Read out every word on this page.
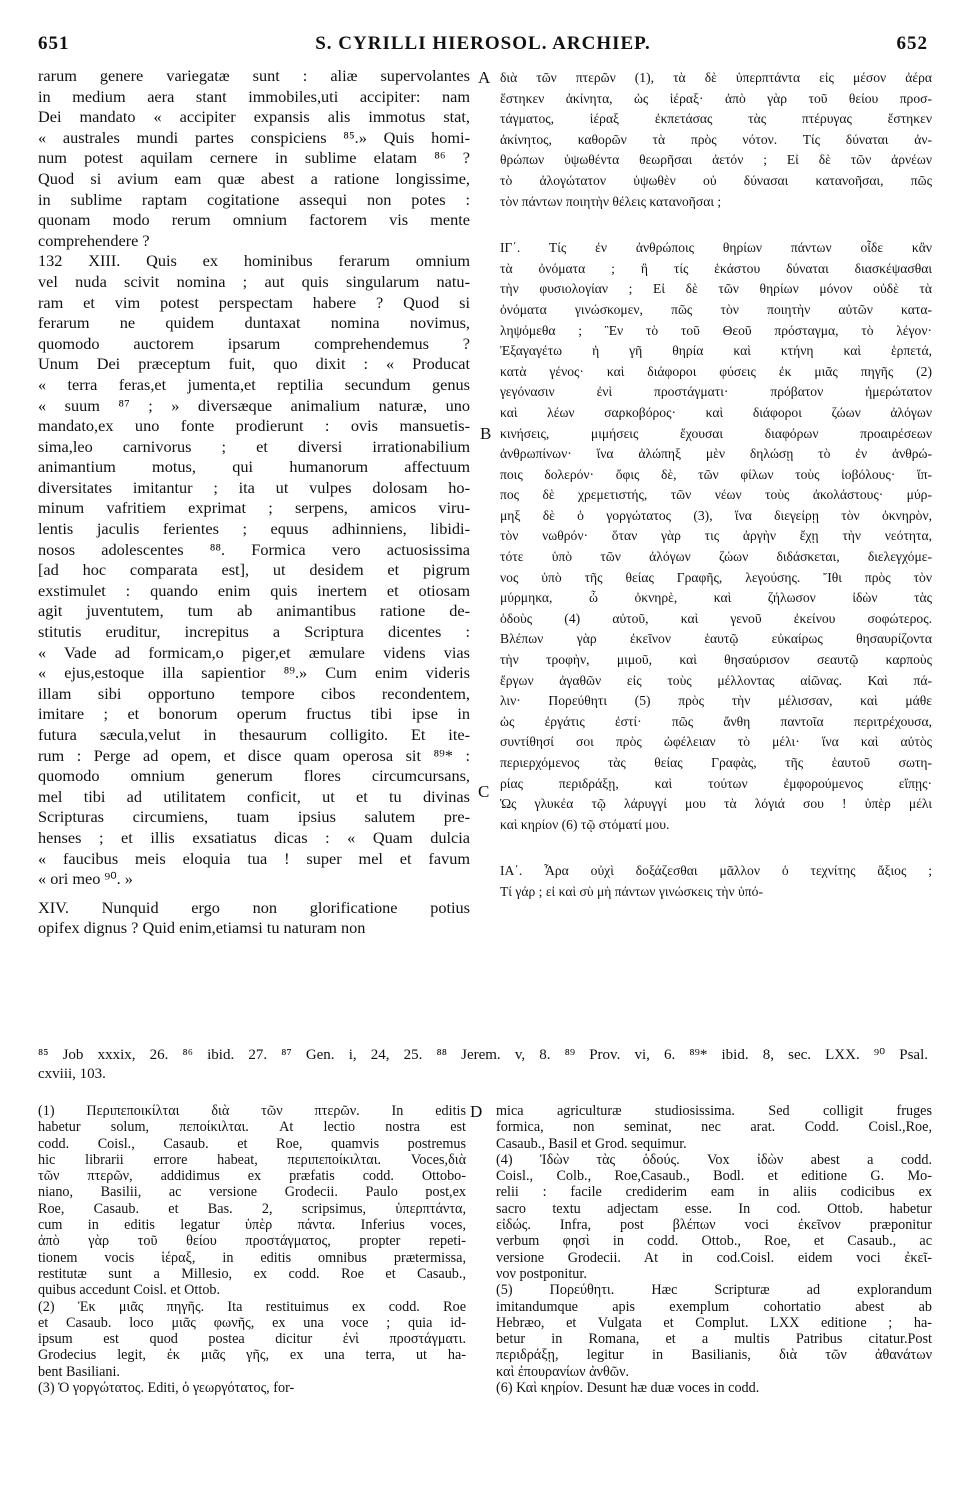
651	S. CYRILLI HIEROSOL. ARCHIEP.	652
A
B
C
D
rarum genere variegatæ sunt : aliæ supervolantes
in medium aera stant immobiles,uti accipiter: nam
Dei mandato « accipiter expansis alis immotus stat,
« australes mundi partes conspiciens ⁸⁵.» Quis homi-
num potest aquilam cernere in sublime elatam ⁸⁶ ?
Quod si avium eam quæ abest a ratione longissime,
in sublime raptam cogitatione assequi non potes :
quonam modo rerum omnium factorem vis mente
comprehendere ?
132 XIII. Quis ex hominibus ferarum omnium
vel nuda scivit nomina ; aut quis singularum natu-
ram et vim potest perspectam habere ? Quod si
ferarum ne quidem duntaxat nomina novimus,
quomodo auctorem ipsarum comprehendemus ?
Unum Dei præceptum fuit, quo dixit : « Producat
« terra feras,et jumenta,et reptilia secundum genus
« suum ⁸⁷ ; » diversæque animalium naturæ, uno
mandato,ex uno fonte prodierunt : ovis mansuetis-
sima,leo carnivorus ; et diversi irrationabilium
animantium motus, qui humanorum affectuum
diversitates imitantur ; ita ut vulpes dolosam ho-
minum vafritiem exprimat ; serpens, amicos viru-
lentis jaculis ferientes ; equus adhinniens, libidi-
nosos adolescentes ⁸⁸. Formica vero actuosissima
[ad hoc comparata est], ut desidem et pigrum
exstimulet : quando enim quis inertem et otiosam
agit juventutem, tum ab animantibus ratione de-
stitutis eruditur, increpitus a Scriptura dicentes :
« Vade ad formicam,o piger,et æmulare videns vias
« ejus,estoque illa sapientior ⁸⁹.» Cum enim videris
illam sibi opportuno tempore cibos recondentem,
imitare ; et bonorum operum fructus tibi ipse in
futura sæcula,velut in thesaurum colligito. Et ite-
rum : Perge ad opem, et disce quam operosa sit ⁸⁹* :
quomodo omnium generum flores circumcursans,
mel tibi ad utilitatem conficit, ut et tu divinas
Scripturas circumiens, tuam ipsius salutem pre-
henses ; et illis exsatiatus dicas : « Quam dulcia
« faucibus meis eloquia tua ! super mel et favum
« ori meo ⁹⁰. »
XIV. Nunquid ergo non glorificatione potius
opifex dignus ? Quid enim,etiamsi tu naturam non
διὰ τῶν πτερῶν (1), τὰ δὲ ὑπερπτάντα εἰς μέσον ἀέρα
ἕστηκεν ἀκίνητα, ὡς ἱέραξ· ἀπὸ γὰρ τοῦ θείου προσ-
τάγματος, ἱέραξ ἐκπετάσας τὰς πτέρυγας ἕστηκεν
ἀκίνητος, καθορῶν τὰ πρὸς νότον. Τίς δύναται ἀν-
θρώπων ὑψωθέντα θεωρῆσαι ἀετόν ; Εἰ δὲ τῶν ἀρνέων
τὸ ἀλογώτατον ὑψωθὲν οὐ δύνασαι κατανοῆσαι, πῶς
τὸν πάντων ποιητὴν θέλεις κατανοῆσαι ;
ΙΓ΄. Τίς ἐν ἀνθρώποις θηρίων πάντων οἶδε κἂν
τὰ ὀνόματα ; ἢ τίς ἑκάστου δύναται διασκέψασθαι
τὴν φυσιολογίαν ; Εἰ δὲ τῶν θηρίων μόνον οὐδὲ τὰ
ὀνόματα γινώσκομεν, πῶς τὸν ποιητὴν αὐτῶν κατα-
ληψόμεθα ; Ἓν τὸ τοῦ Θεοῦ πρόσταγμα, τὸ λέγον·
Ἐξαγαγέτω ἡ γῆ θηρία καὶ κτήνη καὶ ἑρπετά,
κατὰ γένος· καὶ διάφοροι φύσεις ἐκ μιᾶς πηγῆς (2)
γεγόνασιν ἐνὶ προστάγματι· πρόβατον ἡμερώτατον
καὶ λέων σαρκοβόρος· καὶ διάφοροι ζώων ἀλόγων
κινήσεις, μιμήσεις ἔχουσαι διαφόρων προαιρέσεων
ἀνθρωπίνων· ἵνα ἀλώπηξ μὲν δηλώσῃ τὸ ἐν ἀνθρώ-
ποις δολερόν· ὄφις δὲ, τῶν φίλων τοὺς ἰοβόλους· ἵπ-
πος δὲ χρεμετιστής, τῶν νέων τοὺς ἀκολάστους· μύρ-
μηξ δὲ ὁ γοργώτατος (3), ἵνα διεγείρῃ τὸν ὀκνηρὸν,
τὸν νωθρόν· ὅταν γὰρ τις ἀργὴν ἔχῃ τὴν νεότητα,
τότε ὑπὸ τῶν ἀλόγων ζώων διδάσκεται, διελεγχόμε-
νος ὑπὸ τῆς θείας Γραφῆς, λεγούσης. Ἴθι πρὸς τὸν
μύρμηκα, ὦ ὀκνηρὲ, καὶ ζήλωσον ἰδὼν τὰς
ὁδοὺς (4) αὐτοῦ, καὶ γενοῦ ἐκείνου σοφώτερος.
Βλέπων γὰρ ἐκεῖνον ἑαυτῷ εὐκαίρως θησαυρίζοντα
τὴν τροφὴν, μιμοῦ, καὶ θησαύρισον σεαυτῷ καρποὺς
ἔργων ἀγαθῶν εἰς τοὺς μέλλοντας αἰῶνας. Καὶ πά-
λιν· Πορεύθητι (5) πρὸς τὴν μέλισσαν, καὶ μάθε
ὡς ἐργάτις ἐστί· πῶς ἄνθη παντοῖα περιτρέχουσα,
συντίθησί σοι πρὸς ὠφέλειαν τὸ μέλι· ἵνα καὶ αὐτὸς
περιερχόμενος τὰς θείας Γραφὰς, τῆς ἑαυτοῦ σωτη-
ρίας περιδράξῃ, καὶ τούτων ἐμφορούμενος εἴπῃς·
Ὡς γλυκέα τῷ λάρυγγί μου τὰ λόγιά σου ! ὑπὲρ μέλι
καὶ κηρίον (6) τῷ στόματί μου.
ΙΑ΄. Ἆρα οὐχὶ δοξάζεσθαι μᾶλλον ὁ τεχνίτης ἄξιος ;
Τί γάρ ; εἰ καὶ σὺ μὴ πάντων γινώσκεις τὴν ὑπό-
⁸⁵ Job xxxix, 26. ⁸⁶ ibid. 27. ⁸⁷ Gen. i, 24, 25. ⁸⁸ Jerem. v, 8. ⁸⁹ Prov. vi, 6. ⁸⁹* ibid. 8, sec. LXX. ⁹⁰ Psal.
cxviii, 103.
(1) Περιπεποικίλται διὰ τῶν πτερῶν. In editis
habetur solum, πεποίκιλται. At lectio nostra est
codd. Coisl., Casaub. et Roe, quamvis postremus
hic librarii errore habeat, περιπεποίκιλται. Voces,διὰ
τῶν πτερῶν, addidimus ex præfatis codd. Ottobo-
niano, Basilii, ac versione Grodecii. Paulo post,ex
Roe, Casaub. et Bas. 2, scripsimus, ὑπερπτάντα,
cum in editis legatur ὑπὲρ πάντα. Inferius voces,
ἀπὸ γὰρ τοῦ θείου προστάγματος, propter repeti-
tionem vocis ἱέραξ, in editis omnibus prætermissa,
restitutæ sunt a Millesio, ex codd. Roe et Casaub.,
quibus accedunt Coisl. et Ottob.
(2) Ἐκ μιᾶς πηγῆς. Ita restituimus ex codd. Roe
et Casaub. loco μιᾶς φωνῆς, ex una voce ; quia id-
ipsum est quod postea dicitur ἐνὶ προστάγματι.
Grodecius legit, ἐκ μιᾶς γῆς, ex una terra, ut ha-
bent Basiliani.
(3) Ὁ γοργώτατος. Editi, ὁ γεωργότατος, for-
mica agriculturæ studiosissima. Sed colligit fruges
formica, non seminat, nec arat. Codd. Coisl.,Roe,
Casaub., Basil et Grod. sequimur.
(4) Ἰδὼν τὰς ὁδούς. Vox ἰδὼν abest a codd.
Coisl., Colb., Roe,Casaub., Bodl. et editione G. Mo-
relii : facile crediderim eam in aliis codicibus ex
sacro textu adjectam esse. In cod. Ottob. habetur
εἰδώς. Infra, post βλέπων voci ἐκεῖνον præponitur
verbum φησὶ in codd. Ottob., Roe, et Casaub., ac
versione Grodecii. At in cod.Coisl. eidem voci ἐκεῖ-
νον postponitur.
(5) Πορεύθητι. Hæc Scripturæ ad explorandum
imitandumque apis exemplum cohortatio abest ab
Hebræo, et Vulgata et Complut. LXX editione ; ha-
betur in Romana, et a multis Patribus citatur.Post
περιδράξῃ, legitur in Basilianis, διὰ τῶν ἀθανάτων
καὶ ἐπουρανίων ἀνθῶν.
(6) Καὶ κηρίον. Desunt hæ duæ voces in codd.
